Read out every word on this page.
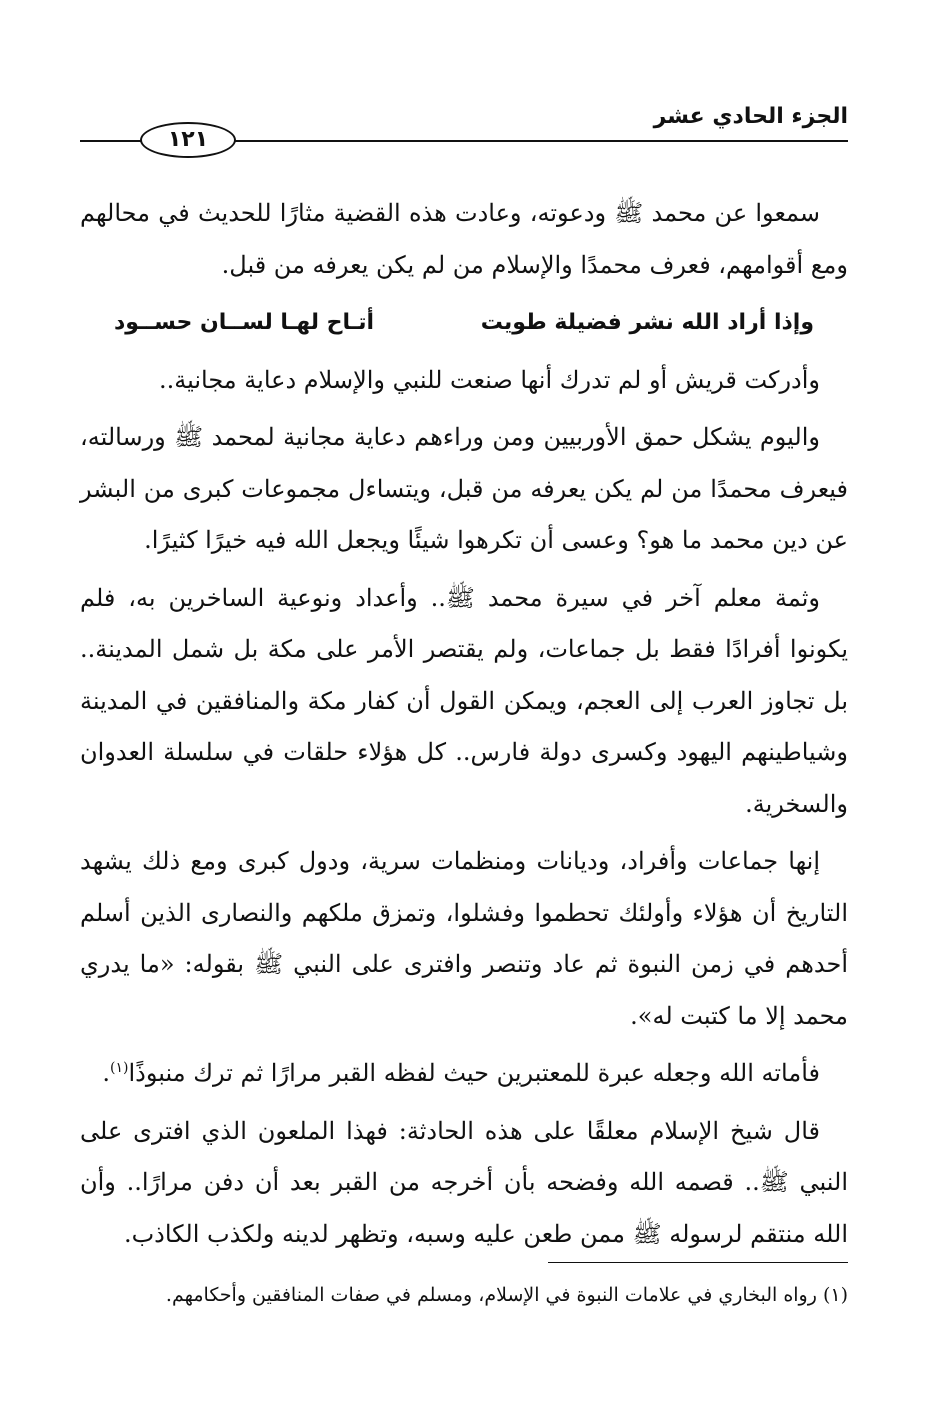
الجزء الحادي عشر
١٢١

سمعوا عن محمد ﷺ ودعوته، وعادت هذه القضية مثارًا للحديث في محالهم ومع أقوامهم، فعرف محمدًا والإسلام من لم يكن يعرفه من قبل.

وإذا أراد الله نشر فضيلة طويت
أتـاح لهـا لســان حســود

وأدركت قريش أو لم تدرك أنها صنعت للنبي والإسلام دعاية مجانية..

واليوم يشكل حمق الأوربيين ومن وراءهم دعاية مجانية لمحمد ﷺ ورسالته، فيعرف محمدًا من لم يكن يعرفه من قبل، ويتساءل مجموعات كبرى من البشر عن دين محمد ما هو؟ وعسى أن تكرهوا شيئًا ويجعل الله فيه خيرًا كثيرًا.

وثمة معلم آخر في سيرة محمد ﷺ.. وأعداد ونوعية الساخرين به، فلم يكونوا أفرادًا فقط بل جماعات، ولم يقتصر الأمر على مكة بل شمل المدينة.. بل تجاوز العرب إلى العجم، ويمكن القول أن كفار مكة والمنافقين في المدينة وشياطينهم اليهود وكسرى دولة فارس.. كل هؤلاء حلقات في سلسلة العدوان والسخرية.

إنها جماعات وأفراد، وديانات ومنظمات سرية، ودول كبرى ومع ذلك يشهد التاريخ أن هؤلاء وأولئك تحطموا وفشلوا، وتمزق ملكهم والنصارى الذين أسلم أحدهم في زمن النبوة ثم عاد وتنصر وافترى على النبي ﷺ بقوله: «ما يدري محمد إلا ما كتبت له».

فأماته الله وجعله عبرة للمعتبرين حيث لفظه القبر مرارًا ثم ترك منبوذًا$^{(١)}$.

قال شيخ الإسلام معلقًا على هذه الحادثة: فهذا الملعون الذي افترى على النبي ﷺ.. قصمه الله وفضحه بأن أخرجه من القبر بعد أن دفن مرارًا.. وأن الله منتقم لرسوله ﷺ ممن طعن عليه وسبه، وتظهر لدينه ولكذب الكاذب.

(١) رواه البخاري في علامات النبوة في الإسلام، ومسلم في صفات المنافقين وأحكامهم.
